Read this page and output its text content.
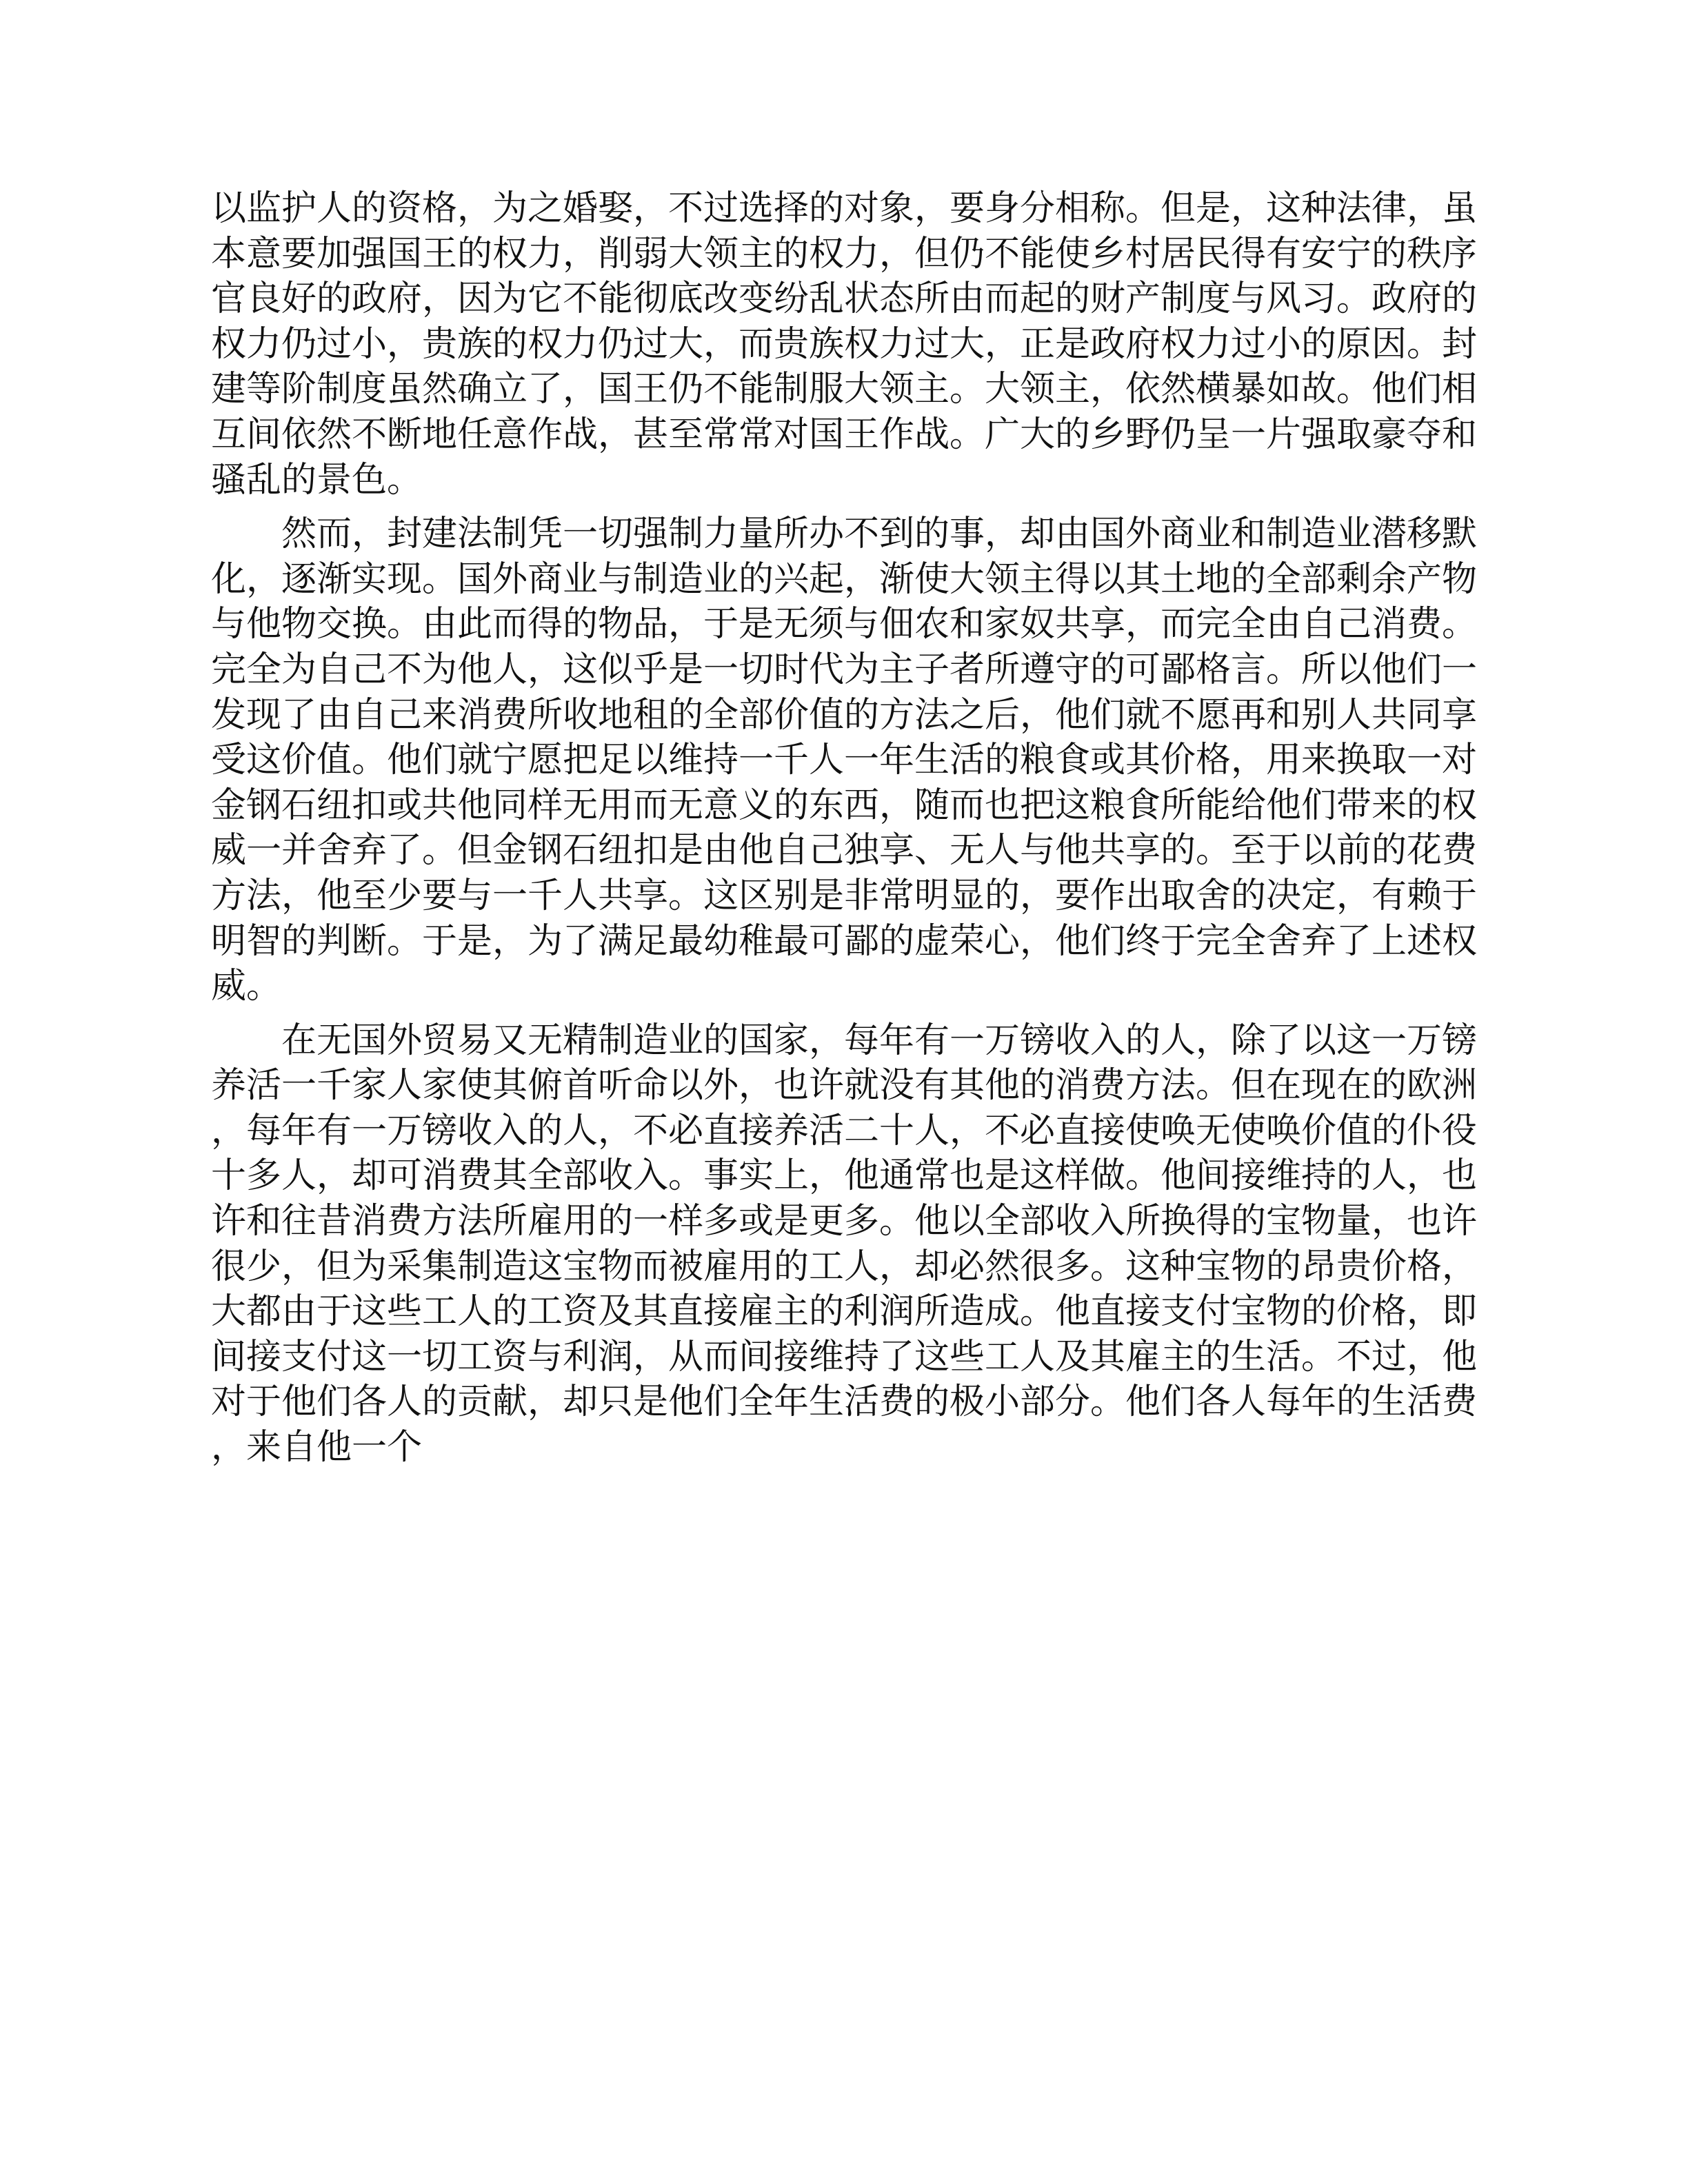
以监护人的资格，为之婚娶，不过选择的对象，要身分相称。但是，这种法律，虽本意要加强国王的权力，削弱大领主的权力，但仍不能使乡村居民得有安宁的秩序官良好的政府，因为它不能彻底改变纷乱状态所由而起的财产制度与风习。政府的权力仍过小，贵族的权力仍过大，而贵族权力过大，正是政府权力过小的原因。封建等阶制度虽然确立了，国王仍不能制服大领主。大领主，依然横暴如故。他们相互间依然不断地任意作战，甚至常常对国王作战。广大的乡野仍呈一片强取豪夺和骚乱的景色。

然而，封建法制凭一切强制力量所办不到的事，却由国外商业和制造业潜移默化，逐渐实现。国外商业与制造业的兴起，渐使大领主得以其土地的全部剩余产物与他物交换。由此而得的物品，于是无须与佃农和家奴共享，而完全由自己消费。完全为自己不为他人，这似乎是一切时代为主子者所遵守的可鄙格言。所以他们一发现了由自己来消费所收地租的全部价值的方法之后，他们就不愿再和别人共同享受这价值。他们就宁愿把足以维持一千人一年生活的粮食或其价格，用来换取一对金钢石纽扣或共他同样无用而无意义的东西，随而也把这粮食所能给他们带来的权威一并舍弃了。但金钢石纽扣是由他自己独享、无人与他共享的。至于以前的花费方法，他至少要与一千人共享。这区别是非常明显的，要作出取舍的决定，有赖于明智的判断。于是，为了满足最幼稚最可鄙的虚荣心，他们终于完全舍弃了上述权威。

在无国外贸易又无精制造业的国家，每年有一万镑收入的人，除了以这一万镑养活一千家人家使其俯首听命以外，也许就没有其他的消费方法。但在现在的欧洲，每年有一万镑收入的人，不必直接养活二十人，不必直接使唤无使唤价值的仆役十多人，却可消费其全部收入。事实上，他通常也是这样做。他间接维持的人，也许和往昔消费方法所雇用的一样多或是更多。他以全部收入所换得的宝物量，也许很少，但为采集制造这宝物而被雇用的工人，却必然很多。这种宝物的昂贵价格，大都由于这些工人的工资及其直接雇主的利润所造成。他直接支付宝物的价格，即间接支付这一切工资与利润，从而间接维持了这些工人及其雇主的生活。不过，他对于他们各人的贡献，却只是他们全年生活费的极小部分。他们各人每年的生活费，来自他一个
